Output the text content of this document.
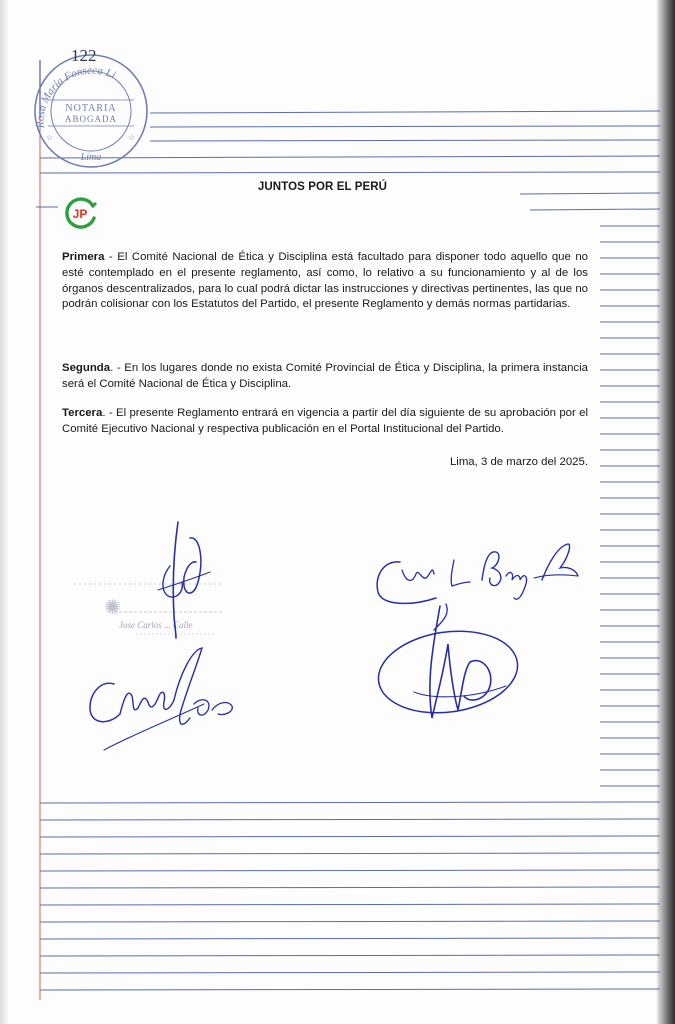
Rosa María Fonseca Li
NOTARIA
ABOGADA
Lima
☆	☆
122
JUNTOS POR EL PERÚ
JP
Primera - El Comité Nacional de Ética y Disciplina está facultado para disponer todo aquello que no esté contemplado en el presente reglamento, así como, lo relativo a su funcionamiento y al de los órganos descentralizados, para lo cual podrá dictar las instrucciones y directivas pertinentes, las que no podrán colisionar con los Estatutos del Partido, el presente Reglamento y demás normas partidarias.
Segunda. - En los lugares donde no exista Comité Provincial de Ética y Disciplina, la primera instancia será el Comité Nacional de Ética y Disciplina.
Tercera. - El presente Reglamento entrará en vigencia a partir del día siguiente de su aprobación por el Comité Ejecutivo Nacional y respectiva publicación en el Portal Institucional del Partido.
Lima, 3 de marzo del 2025.
✺
Jose Carlos ... Calle
